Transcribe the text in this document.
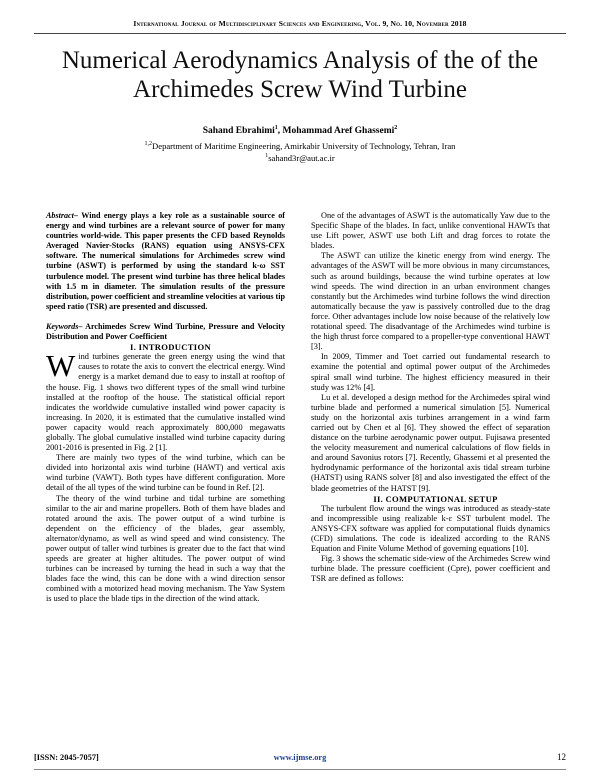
International Journal of Multidisciplinary Sciences and Engineering, Vol. 9, No. 10, November 2018
Numerical Aerodynamics Analysis of the of the Archimedes Screw Wind Turbine
Sahand Ebrahimi$^1$, Mohammad Aref Ghassemi$^2$
$^{1,2}$Department of Maritime Engineering, Amirkabir University of Technology, Tehran, Iran
$^1$sahand3r@aut.ac.ir

Abstract– Wind energy plays a key role as a sustainable source of energy and wind turbines are a relevant source of power for many countries world-wide. This paper presents the CFD based Reynolds Averaged Navier-Stocks (RANS) equation using ANSYS-CFX software. The numerical simulations for Archimedes screw wind turbine (ASWT) is performed by using the standard k-ω SST turbulence model. The present wind turbine has three helical blades with 1.5 m in diameter. The simulation results of the pressure distribution, power coefficient and streamline velocities at various tip speed ratio (TSR) are presented and discussed.

Keywords– Archimedes Screw Wind Turbine, Pressure and Velocity Distribution and Power Coefficient

I. INTRODUCTION

Wind turbines generate the green energy using the wind that causes to rotate the axis to convert the electrical energy. Wind energy is a market demand due to easy to install at rooftop of the house. Fig. 1 shows two different types of the small wind turbine installed at the rooftop of the house. The statistical official report indicates the worldwide cumulative installed wind power capacity is increasing. In 2020, it is estimated that the cumulative installed wind power capacity would reach approximately 800,000 megawatts globally. The global cumulative installed wind turbine capacity during 2001-2016 is presented in Fig. 2 [1].

There are mainly two types of the wind turbine, which can be divided into horizontal axis wind turbine (HAWT) and vertical axis wind turbine (VAWT). Both types have different configuration. More detail of the all types of the wind turbine can be found in Ref. [2].

The theory of the wind turbine and tidal turbine are something similar to the air and marine propellers. Both of them have blades and rotated around the axis. The power output of a wind turbine is dependent on the efficiency of the blades, gear assembly, alternator/dynamo, as well as wind speed and wind consistency. The power output of taller wind turbines is greater due to the fact that wind speeds are greater at higher altitudes. The power output of wind turbines can be increased by turning the head in such a way that the blades face the wind, this can be done with a wind direction sensor combined with a motorized head moving mechanism. The Yaw System is used to place the blade tips in the direction of the wind attack.

One of the advantages of ASWT is the automatically Yaw due to the Specific Shape of the blades. In fact, unlike conventional HAWTs that use Lift power, ASWT use both Lift and drag forces to rotate the blades.

The ASWT can utilize the kinetic energy from wind energy. The advantages of the ASWT will be more obvious in many circumstances, such as around buildings, because the wind turbine operates at low wind speeds. The wind direction in an urban environment changes constantly but the Archimedes wind turbine follows the wind direction automatically because the yaw is passively controlled due to the drag force. Other advantages include low noise because of the relatively low rotational speed. The disadvantage of the Archimedes wind turbine is the high thrust force compared to a propeller-type conventional HAWT [3].

In 2009, Timmer and Toet carried out fundamental research to examine the potential and optimal power output of the Archimedes spiral small wind turbine. The highest efficiency measured in their study was 12% [4].

Lu et al. developed a design method for the Archimedes spiral wind turbine blade and performed a numerical simulation [5]. Numerical study on the horizontal axis turbines arrangement in a wind farm carried out by Chen et al [6]. They showed the effect of separation distance on the turbine aerodynamic power output. Fujisawa presented the velocity measurement and numerical calculations of flow fields in and around Savonius rotors [7]. Recently, Ghassemi et al presented the hydrodynamic performance of the horizontal axis tidal stream turbine (HATST) using RANS solver [8] and also investigated the effect of the blade geometries of the HATST [9].

II. COMPUTATIONAL SETUP

The turbulent flow around the wings was introduced as steady-state and incompressible using realizable k-ε SST turbulent model. The ANSYS-CFX software was applied for computational fluids dynamics (CFD) simulations. The code is idealized according to the RANS Equation and Finite Volume Method of governing equations [10].

Fig. 3 shows the schematic side-view of the Archimedes Screw wind turbine blade. The pressure coefficient (Cpre), power coefficient and TSR are defined as follows:

[ISSN: 2045-7057]	www.ijmse.org	12
